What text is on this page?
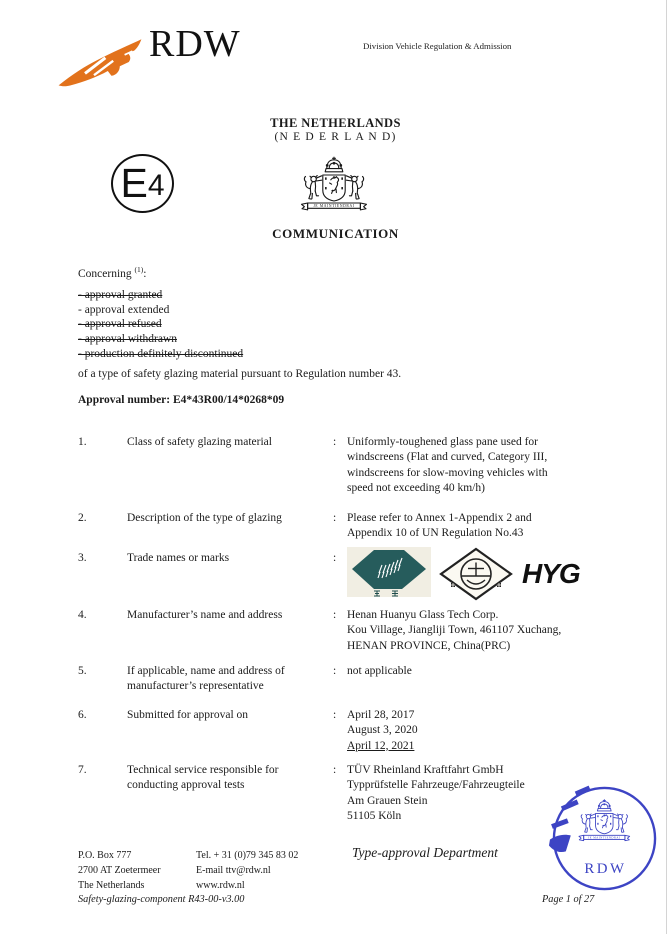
RDW	Division Vehicle Regulation & Admission
THE NETHERLANDS
(N E D E R L A N D)
E 4
COMMUNICATION
Concerning $^{(1)}$:
- approval granted
- approval extended
- approval refused
- approval withdrawn
- production definitely discontinued
of a type of safety glazing material pursuant to Regulation number 43.
Approval number: E4*43R00/14*0268*09
1.	Class of safety glazing material	: Uniformly-toughened glass pane used for
windscreens (Flat and curved, Category III,
windscreens for slow-moving vehicles with
speed not exceeding 40 km/h)
2.	Description of the type of glazing	: Please refer to Annex 1-Appendix 2 and
Appendix 10 of UN Regulation No.43
3.	Trade names or marks	:	HYG
4.	Manufacturer’s name and address	: Henan Huanyu Glass Tech Corp.
Kou Village, Jiangliji Town, 461107 Xuchang,
HENAN PROVINCE, China(PRC)
5.	If applicable, name and address of
manufacturer’s representative
: not applicable
6.	Submitted for approval on	: April 28, 2017
August 3, 2020
April 12, 2021
7.	Technical service responsible for
conducting approval tests
: TÜV Rheinland Kraftfahrt GmbH
Typprüfstelle Fahrzeuge/Fahrzeugteile
Am Grauen Stein
51105 Köln
P.O. Box 777
2700 AT Zoetermeer
The Netherlands
Tel. + 31 (0)79 345 83 02
E-mail ttv@rdw.nl
www.rdw.nl
Type-approval Department
RDW
Safety-glazing-component R43-00-v3.00	Page 1 of 27
